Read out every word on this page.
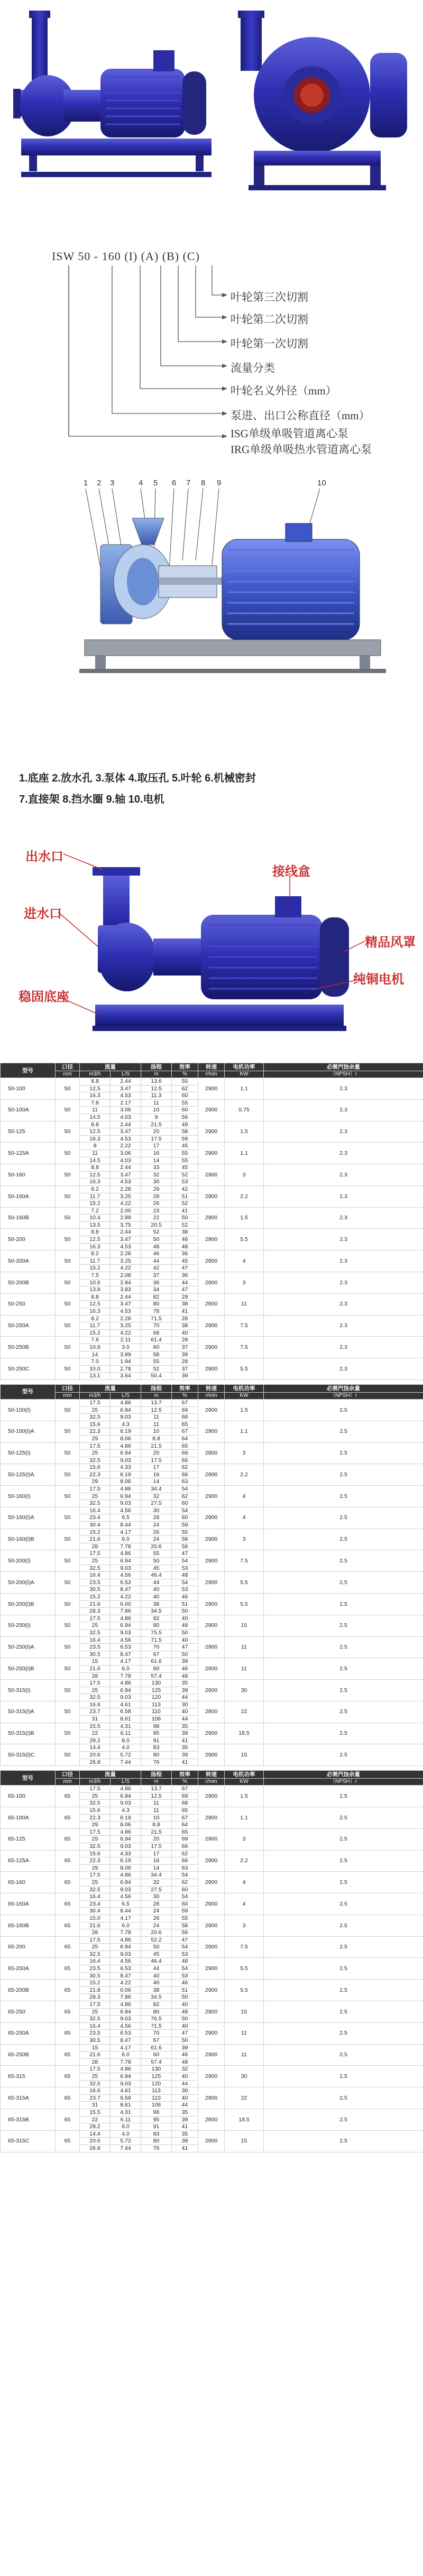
ISW 50 - 160 (I) (A) (B) (C)
叶轮第三次切割
叶轮第二次切割
叶轮第一次切割
流量分类
叶轮名义外径（mm）
泵进、出口公称直径（mm）
ISG单级单吸管道离心泵
IRG单级单吸热水管道离心泵
1 2 3	4 5 6 7 8 9	10
1.底座 2.放水孔 3.泵体 4.取压孔 5.叶轮 6.机械密封
7.直接架 8.挡水圈 9.轴 10.电机
出水口
接线盒
进水口
精品风罩
稳固底座
纯铜电机
型号	口径	流量		扬程	效率	转速	电机功率	必需汽蚀余量
	mm	m3/h	L/S	m	%	r/min	KW	（NPSH）r
50-100	50	8.8	2.44	13.6	55	2900	1.1	2.3
		12.5	3.47	12.5	62			
		16.3	4.53	11.3	60			
50-100A	50	7.8	2.17	11	55	2900	0.75	2.3
		11	3.06	10	60			
		14.5	4.03	9	56			
50-125	50	8.8	2.44	21.5	49	2900	1.5	2.3
		12.5	3.47	20	58			
		16.3	4.53	17.5	59			
50-125A	50	8	2.22	17	45	2900	1.1	2.3
		11	3.06	16	55			
		14.5	4.03	14	55			
50-160	50	8.8	2.44	33	45	2900	3	2.3
		12.5	3.47	32	52			
		16.3	4.53	30	53			
50-160A	50	8.2	2.28	29	42	2900	2.2	2.3
		11.7	3.25	28	51			
		15.2	4.22	26	52			
50-160B	50	7.2	2.00	23	41	2900	1.5	2.3
		10.4	2.89	22	50			
		13.5	3.75	20.5	52			
50-200	50	8.8	2.44	52	38	2900	5.5	2.3
		12.5	3.47	50	46			
		16.3	4.53	48	48			
50-200A	50	8.2	2.28	46	36	2900	4	2.3
		11.7	3.25	44	45			
		15.2	4.22	42	47			
50-200B	50	7.5	2.08	37	36	2900	3	2.3
		10.6	2.94	36	44			
		13.8	3.83	34	47			
50-250	50	8.8	2.44	82	29	2900	11	2.3
		12.5	3.47	80	38			
		16.3	4.53	78	41			
50-250A	50	8.2	2.28	71.5	28	2900	7.5	2.3
		11.7	3.25	70	38			
		15.2	4.22	68	40			
50-250B	50	7.6	2.11	61.4	28	2900	7.5	2.3
		10.8	3.0	60	37			
		14	3.89	58	39			
50-250C	50	7.0	1.94	55	28	2900	5.5	2.3
		10.0	2.78	52	37			
		13.1	3.64	50.4	39			
型号	口径	流量		扬程	效率	转速	电机功率	必需汽蚀余量
	mm	m3/h	L/S	m	%	r/min	KW	（NPSH）r
50-100(I)	50	17.5	4.86	13.7	67	2900	1.5	2.5
		25	6.94	12.5	69			
		32.5	9.03	11	68			
50-100(I)A	50	15.6	4.3	11	65	2900	1.1	2.5
		22.3	6.19	10	67			
		29	8.06	8.8	64			
50-125(I)	50	17.5	4.86	21.5	65	2900	3	2.5
		25	6.94	20	69			
		32.5	9.03	17.5	66			
50-125(I)A	50	15.6	4.33	17	62	2900	2.2	2.5
		22.3	6.19	16	66			
		29	8.06	14	63			
50-160(I)	50	17.5	4.86	34.4	54	2900	4	2.5
		25	6.94	32	62			
		32.5	9.03	27.5	60			
50-160(I)A	50	16.4	4.56	30	54	2900	4	2.5
		23.4	6.5	28	60			
		30.4	8.44	24	59			
50-160(I)B	50	15.2	4.17	26	55	2900	3	2.5
		21.6	6.0	24	58			
		28	7.78	20.6	56			
50-200(I)	50	17.5	4.86	55	47	2900	7.5	2.5
		25	6.94	50	54			
		32.5	9.03	45	53			
50-200(I)A	50	16.4	4.56	46.4	48	2900	5.5	2.5
		23.5	6.53	44	54			
		30.5	8.47	40	53			
50-200(I)B	50	15.2	4.22	40	46	2900	5.5	2.5
		21.6	6.00	38	51			
		28.3	7.86	34.5	50			
50-250(I)	50	17.5	4.86	82	40	2900	15	2.5
		25	6.94	80	48			
		32.5	9.03	75.5	50			
50-250(I)A	50	16.4	4.56	71.5	40	2900	11	2.5
		23.5	6.53	70	47			
		30.5	8.47	67	50			
50-250(I)B	50	15	4.17	61.6	39	2900	11	2.5
		21.6	6.0	60	46			
		28	7.78	57.4	48			
50-315(I)	50	17.5	4.86	130	35	2900	30	2.5
		25	6.94	125	39			
		32.5	9.03	120	44			
50-315(I)A	50	16.6	4.61	113	30	2900	22	2.5
		23.7	6.58	110	40			
		31	8.61	106	44			
50-315(I)B	50	15.5	4.31	98	35	2900	18.5	2.5
		22	6.11	95	39			
		29.2	8.0	91	41			
50-315(I)C	50	14.4	4.0	83	35	2900	15	2.5
		20.6	5.72	80	39			
		26.8	7.44	76	41			
型号	口径	流量		扬程	效率	转速	电机功率	必需汽蚀余量
	mm	m3/h	L/S	m	%	r/min	KW	（NPSH）r
65-100	65	17.5	4.86	13.7	67	2900	1.5	2.5
		25	6.94	12.5	69			
		32.5	9.03	11	68			
65-100A	65	15.6	4.3	11	65	2900	1.1	2.5
		22.3	6.19	10	67			
		29	8.06	8.8	64			
65-125	65	17.5	4.86	21.5	65	2900	3	2.5
		25	6.94	20	69			
		32.5	9.03	17.5	66			
65-125A	65	15.6	4.33	17	62	2900	2.2	2.5
		22.3	6.19	16	66			
		29	8.06	14	63			
65-160	65	17.5	4.86	34.4	54	2900	4	2.5
		25	6.94	32	62			
		32.5	9.03	27.5	60			
65-160A	65	16.4	4.56	30	54	2900	4	2.5
		23.4	6.5	28	60			
		30.4	8.44	24	59			
65-160B	65	15.0	4.17	26	55	2900	3	2.5
		21.6	6.0	24	58			
		28	7.78	20.6	56			
65-200	65	17.5	4.86	52.2	47	2900	7.5	2.5
		25	6.94	50	54			
		32.5	9.03	45	53			
65-200A	65	16.4	4.56	46.4	48	2900	5.5	2.5
		23.5	6.53	44	54			
		30.5	8.47	40	53			
65-200B	65	15.2	4.22	40	46	2900	5.5	2.5
		21.8	6.06	38	51			
		28.3	7.86	34.5	50			
65-250	65	17.5	4.86	82	40	2900	15	2.5
		25	6.94	80	48			
		32.5	9.03	76.5	50			
65-250A	65	16.4	4.56	71.5	40	2900	11	2.5
		23.5	6.53	70	47			
		30.5	8.47	67	50			
65-250B	65	15	4.17	61.6	39	2900	11	2.5
		21.6	6.0	60	46			
		28	7.78	57.4	48			
65-315	65	17.5	4.86	130	32	2900	30	2.5
		25	6.94	125	40			
		32.5	9.03	120	44			
65-315A	65	16.6	4.61	113	30	2900	22	2.5
		23.7	6.58	110	40			
		31	8.61	106	44			
65-315B	65	15.5	4.31	98	35	2900	18.5	2.5
		22	6.11	95	39			
		29.2	8.0	91	41			
65-315C	65	14.4	4.0	83	35	2900	15	2.5
		20.6	5.72	80	39			
		26.8	7.44	76	41			
